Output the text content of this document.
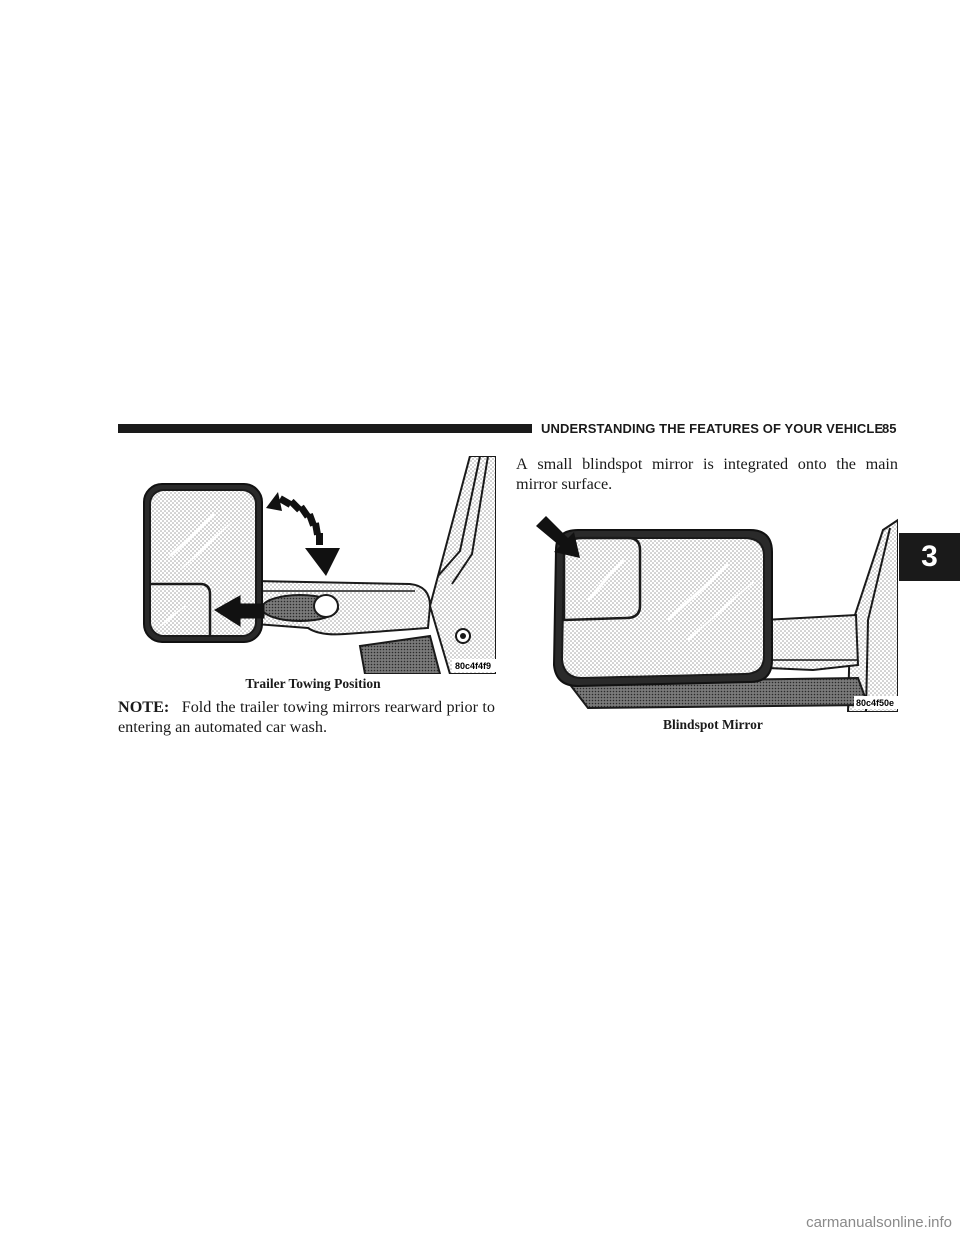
UNDERSTANDING THE FEATURES OF YOUR VEHICLE
85
3
80c4f4f9
Trailer Towing Position
NOTE: Fold the trailer towing mirrors rearward prior to
entering an automated car wash.
A small blindspot mirror is integrated onto the main
mirror surface.
80c4f50e
Blindspot Mirror
carmanualsonline.info
